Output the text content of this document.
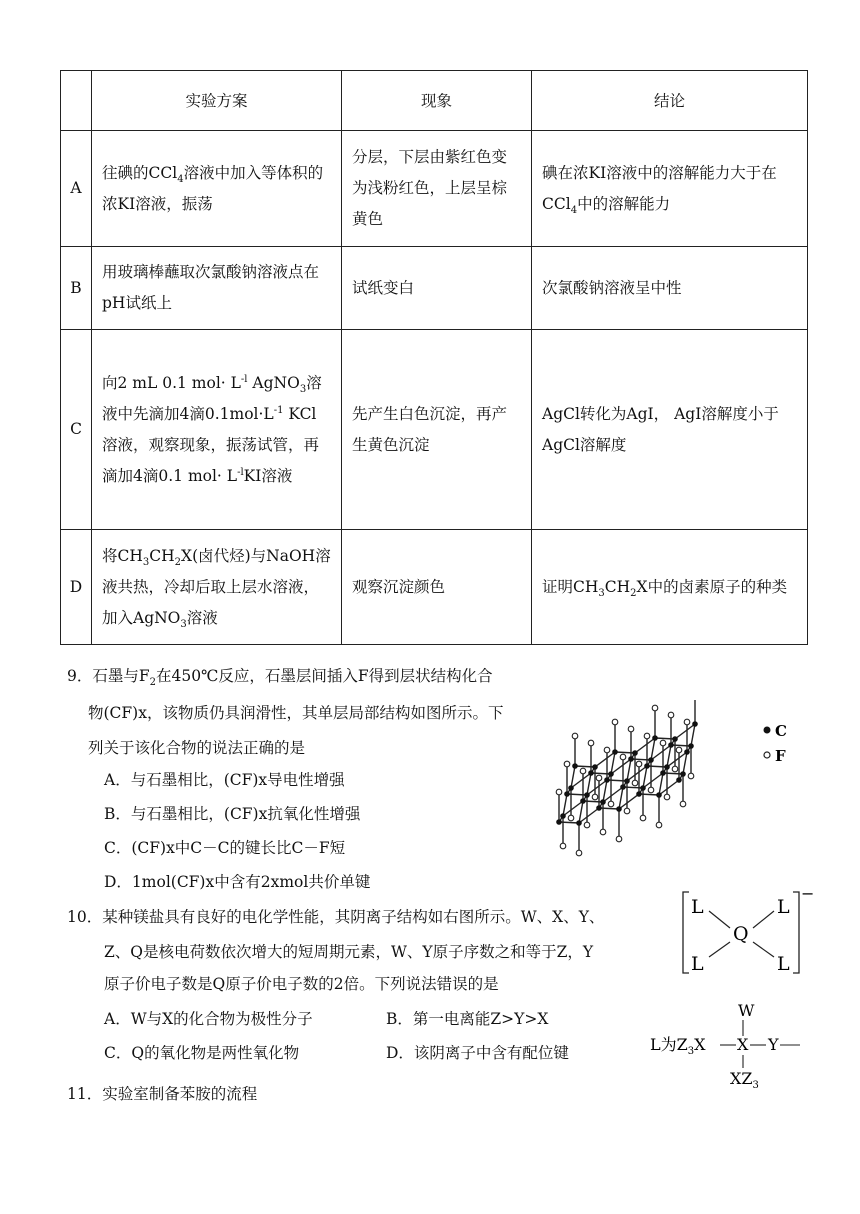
	实验方案	现象	结论
A	往碘的CCl$_4$溶液中加入等体积的浓KI溶液，振荡	分层，下层由紫红色变为浅粉红色，上层呈棕黄色	碘在浓KI溶液中的溶解能力大于在CCl$_4$中的溶解能力
B	用玻璃棒蘸取次氯酸钠溶液点在pH试纸上	试纸变白	次氯酸钠溶液呈中性
C	向2 mL 0.1 $mol\cdot L^{-l}$ AgNO$_3$溶液中先滴加4滴$0.1mol\cdot L^{-1}$ KCl溶液，观察现象，振荡试管，再滴加4滴0.1 $mol\cdot L^{-l}KI$溶液	先产生白色沉淀，再产生黄色沉淀	AgCl转化为AgI， AgI溶解度小于AgCl溶解度
D	将$CH_3CH_2X$(卤代烃)与NaOH溶液共热，冷却后取上层水溶液，加入AgNO$_3$溶液	观察沉淀颜色	证明$CH_3CH_2X$中的卤素原子的种类
9．石墨与$F_2$在450℃反应，石墨层间插入F得到层状结构化合
物(CF)x，该物质仍具润滑性，其单层局部结构如图所示。下
列关于该化合物的说法正确的是
A．与石墨相比，(CF)x导电性增强
B．与石墨相比，(CF)x抗氧化性增强
C．(CF)x中C－C的键长比C－F短
D．1mol(CF)x中含有2xmol共价单键
C
F
10．某种镁盐具有良好的电化学性能，其阴离子结构如右图所示。W、X、Y、
Z、Q是核电荷数依次增大的短周期元素，W、Y原子序数之和等于Z，Y
原子价电子数是Q原子价电子数的2倍。下列说法错误的是
A．W与X的化合物为极性分子	B．第一电离能Z>Y>X
C．Q的氧化物是两性氧化物	D．该阴离子中含有配位键
L	L
Q
L	L
−
W
L为$Z_3X$ X Y
$XZ_3$
11．实验室制备苯胺的流程
